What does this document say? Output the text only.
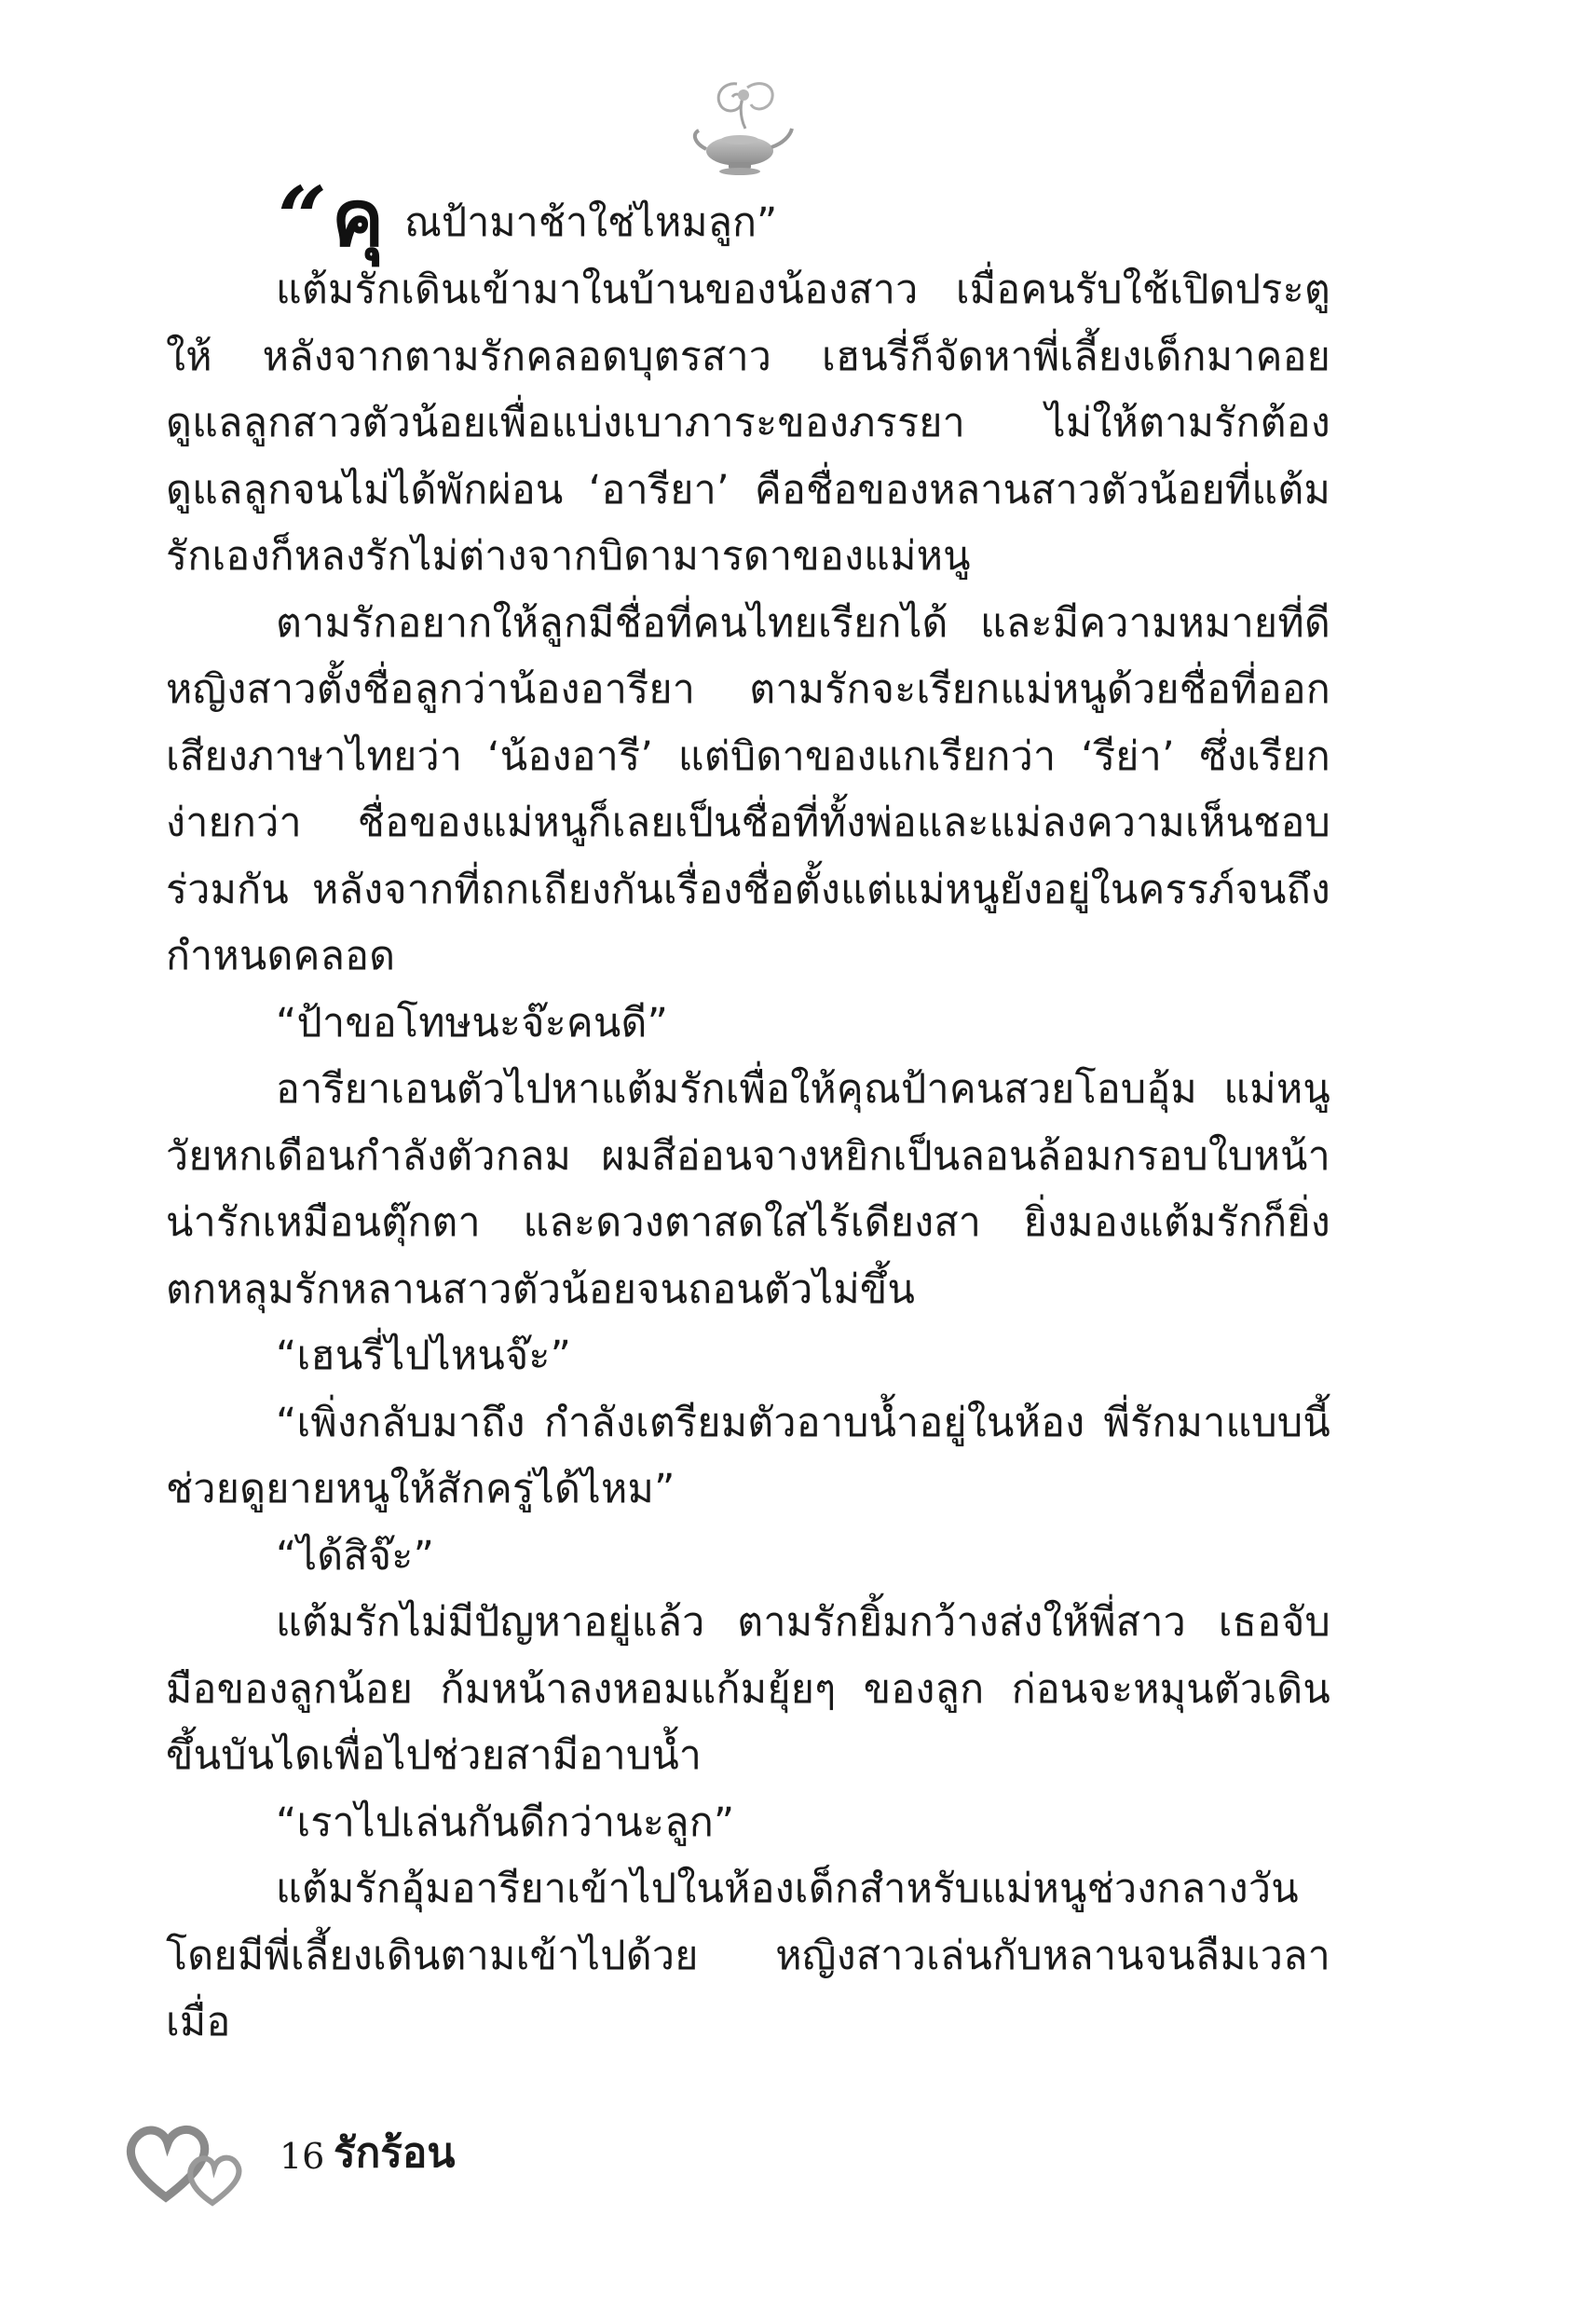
“ คุ ณป้ามาช้าใช่ไหมลูก”

แต้มรักเดินเข้ามาในบ้านของน้องสาว เมื่อคนรับใช้เปิดประตูให้ หลังจากตามรักคลอดบุตรสาว เฮนรี่ก็จัดหาพี่เลี้ยงเด็กมาคอยดูแลลูกสาวตัวน้อยเพื่อแบ่งเบาภาระของภรรยา ไม่ให้ตามรักต้องดูแลลูกจนไม่ได้พักผ่อน ‘อารียา’ คือชื่อของหลานสาวตัวน้อยที่แต้มรักเองก็หลงรักไม่ต่างจากบิดามารดาของแม่หนู

ตามรักอยากให้ลูกมีชื่อที่คนไทยเรียกได้ และมีความหมายที่ดี หญิงสาวตั้งชื่อลูกว่าน้องอารียา ตามรักจะเรียกแม่หนูด้วยชื่อที่ออกเสียงภาษาไทยว่า ‘น้องอารี’ แต่บิดาของแกเรียกว่า ‘รีย่า’ ซึ่งเรียกง่ายกว่า ชื่อของแม่หนูก็เลยเป็นชื่อที่ทั้งพ่อและแม่ลงความเห็นชอบร่วมกัน หลังจากที่ถกเถียงกันเรื่องชื่อตั้งแต่แม่หนูยังอยู่ในครรภ์จนถึงกำหนดคลอด

“ป้าขอโทษนะจ๊ะคนดี”

อารียาเอนตัวไปหาแต้มรักเพื่อให้คุณป้าคนสวยโอบอุ้ม แม่หนูวัยหกเดือนกำลังตัวกลม ผมสีอ่อนจางหยิกเป็นลอนล้อมกรอบใบหน้าน่ารักเหมือนตุ๊กตา และดวงตาสดใสไร้เดียงสา ยิ่งมองแต้มรักก็ยิ่งตกหลุมรักหลานสาวตัวน้อยจนถอนตัวไม่ขึ้น

“เฮนรี่ไปไหนจ๊ะ”

“เพิ่งกลับมาถึง กำลังเตรียมตัวอาบน้ำอยู่ในห้อง พี่รักมาแบบนี้ช่วยดูยายหนูให้สักครู่ได้ไหม”

“ได้สิจ๊ะ”

แต้มรักไม่มีปัญหาอยู่แล้ว ตามรักยิ้มกว้างส่งให้พี่สาว เธอจับมือของลูกน้อย ก้มหน้าลงหอมแก้มยุ้ยๆ ของลูก ก่อนจะหมุนตัวเดินขึ้นบันไดเพื่อไปช่วยสามีอาบน้ำ

“เราไปเล่นกันดีกว่านะลูก”

แต้มรักอุ้มอารียาเข้าไปในห้องเด็กสำหรับแม่หนูช่วงกลางวัน โดยมีพี่เลี้ยงเดินตามเข้าไปด้วย หญิงสาวเล่นกับหลานจนลืมเวลา เมื่อ

16 รักร้อน
